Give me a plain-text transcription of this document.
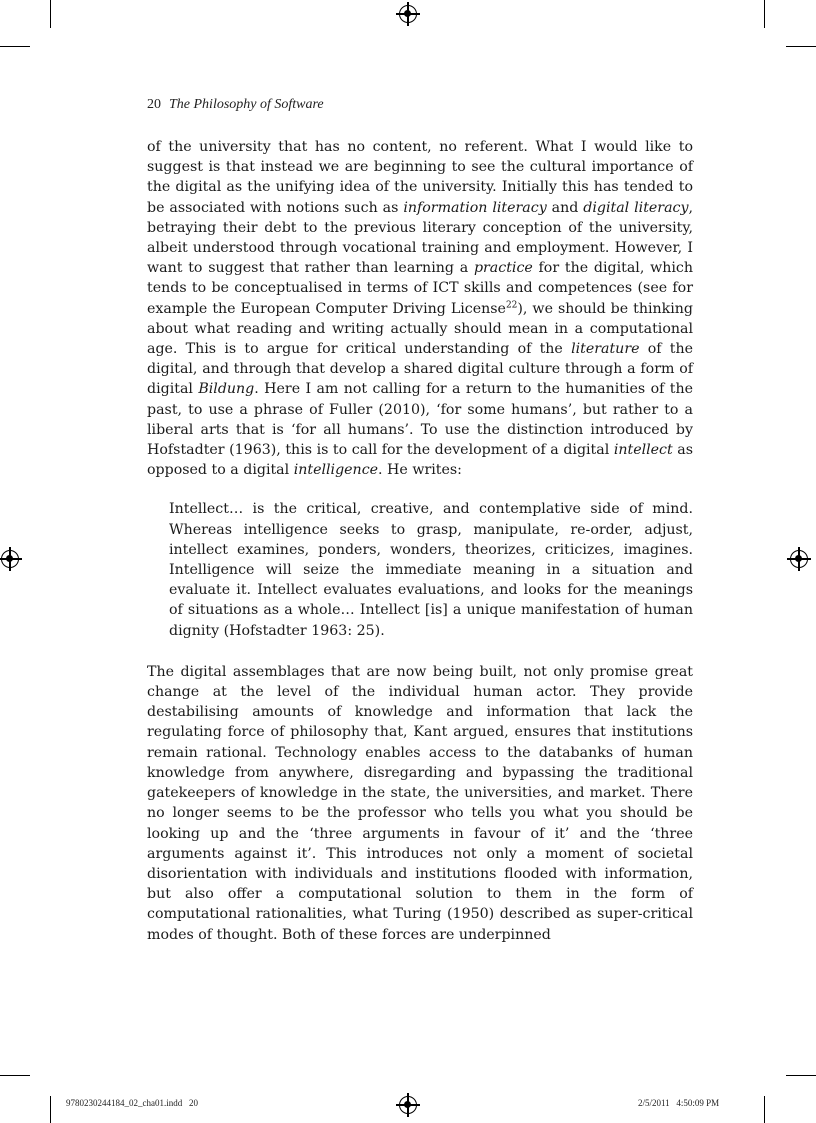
20 The Philosophy of Software

of the university that has no content, no referent. What I would like to suggest is that instead we are beginning to see the cultural importance of the digital as the unifying idea of the university. Initially this has tended to be associated with notions such as information literacy and digital literacy, betraying their debt to the previous literary conception of the university, albeit understood through vocational training and employment. However, I want to suggest that rather than learning a practice for the digital, which tends to be conceptualised in terms of ICT skills and competences (see for example the European Computer Driving License$^{22}$), we should be thinking about what reading and writing actually should mean in a computational age. This is to argue for critical understanding of the literature of the digital, and through that develop a shared digital culture through a form of digital Bildung. Here I am not calling for a return to the humanities of the past, to use a phrase of Fuller (2010), ‘for some humans’, but rather to a liberal arts that is ‘for all humans’. To use the distinction introduced by Hofstadter (1963), this is to call for the development of a digital intellect as opposed to a digital intelligence. He writes:

Intellect… is the critical, creative, and contemplative side of mind. Whereas intelligence seeks to grasp, manipulate, re-order, adjust, intellect examines, ponders, wonders, theorizes, criticizes, imagines. Intelligence will seize the immediate meaning in a situation and evaluate it. Intellect evaluates evaluations, and looks for the meanings of situations as a whole… Intellect [is] a unique manifestation of human dignity (Hofstadter 1963: 25).

The digital assemblages that are now being built, not only promise great change at the level of the individual human actor. They provide destabilising amounts of knowledge and information that lack the regulating force of philosophy that, Kant argued, ensures that institutions remain rational. Technology enables access to the databanks of human knowledge from anywhere, disregarding and bypassing the traditional gatekeepers of knowledge in the state, the universities, and market. There no longer seems to be the professor who tells you what you should be looking up and the ‘three arguments in favour of it’ and the ‘three arguments against it’. This introduces not only a moment of societal disorientation with individuals and institutions flooded with information, but also offer a computational solution to them in the form of computational rationalities, what Turing (1950) described as super-critical modes of thought. Both of these forces are underpinned

9780230244184_02_cha01.indd   20	2/5/2011   4:50:09 PM
